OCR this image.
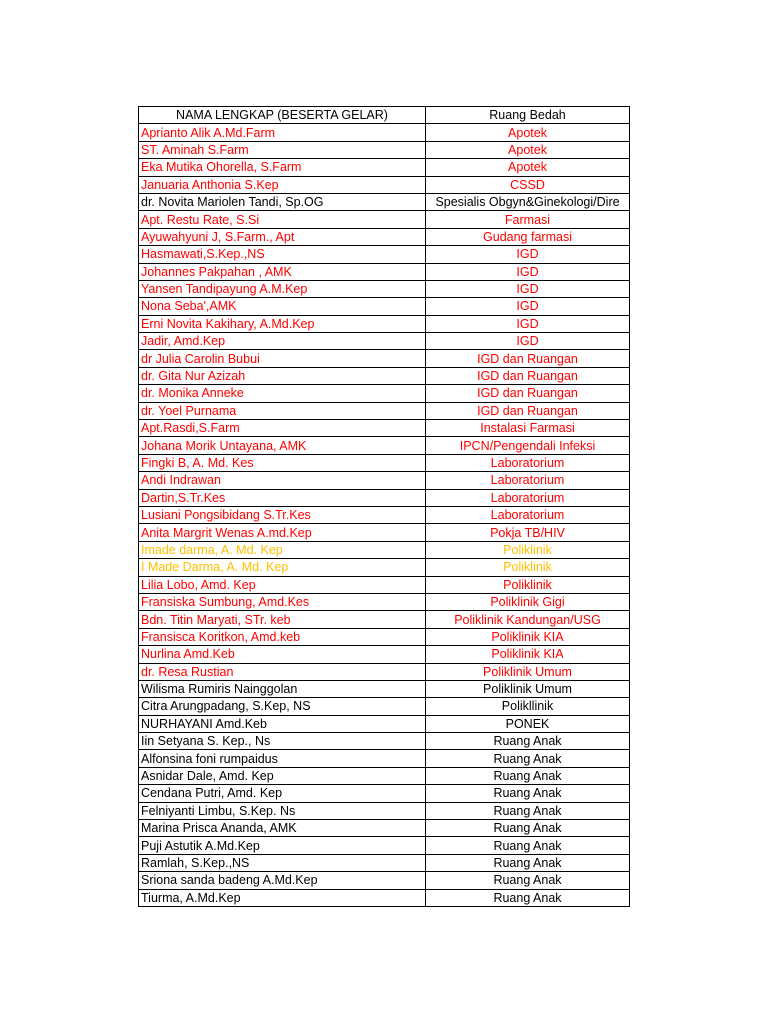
NAMA LENGKAP (BESERTA GELAR)	Ruang Bedah
Aprianto Alik A.Md.Farm	Apotek
ST. Aminah S.Farm	Apotek
Eka Mutika Ohorella, S.Farm	Apotek
Januaria Anthonia S.Kep	CSSD
dr. Novita Mariolen Tandi, Sp.OG	Spesialis Obgyn&Ginekologi/Dire
Apt. Restu Rate, S.Si	Farmasi
Ayuwahyuni J, S.Farm., Apt	Gudang farmasi
Hasmawati,S.Kep.,NS	IGD
Johannes Pakpahan , AMK	IGD
Yansen Tandipayung A.M.Kep	IGD
Nona Seba',AMK	IGD
Erni Novita Kakihary, A.Md.Kep	IGD
Jadir, Amd.Kep	IGD
dr Julia Carolin Bubui	IGD dan Ruangan
dr. Gita Nur Azizah	IGD dan Ruangan
dr. Monika Anneke	IGD dan Ruangan
dr. Yoel Purnama	IGD dan Ruangan
Apt.Rasdi,S.Farm	Instalasi Farmasi
Johana Morik Untayana, AMK	IPCN/Pengendali Infeksi
Fingki B, A. Md. Kes	Laboratorium
Andi Indrawan	Laboratorium
Dartin,S.Tr.Kes	Laboratorium
Lusiani Pongsibidang S.Tr.Kes	Laboratorium
Anita Margrit Wenas A.md.Kep	Pokja TB/HIV
Imade darma, A. Md. Kep	Poliklinik
I Made Darma, A. Md. Kep	Poliklinik
Lilia Lobo, Amd. Kep	Poliklinik
Fransiska Sumbung, Amd.Kes	Poliklinik Gigi
Bdn. Titin Maryati, STr. keb	Poliklinik Kandungan/USG
Fransisca Koritkon, Amd.keb	Poliklinik KIA
Nurlina Amd.Keb	Poliklinik KIA
dr. Resa Rustian	Poliklinik Umum
Wilisma Rumiris Nainggolan	Poliklinik Umum
Citra Arungpadang, S.Kep, NS	Polikllinik
NURHAYANI Amd.Keb	PONEK
Iin Setyana S. Kep., Ns	Ruang Anak
Alfonsina foni rumpaidus	Ruang Anak
Asnidar Dale, Amd. Kep	Ruang Anak
Cendana Putri, Amd. Kep	Ruang Anak
Felniyanti Limbu, S.Kep. Ns	Ruang Anak
Marina Prisca Ananda, AMK	Ruang Anak
Puji Astutik A.Md.Kep	Ruang Anak
Ramlah, S.Kep.,NS	Ruang Anak
Sriona sanda badeng A.Md.Kep	Ruang Anak
Tiurma, A.Md.Kep	Ruang Anak
